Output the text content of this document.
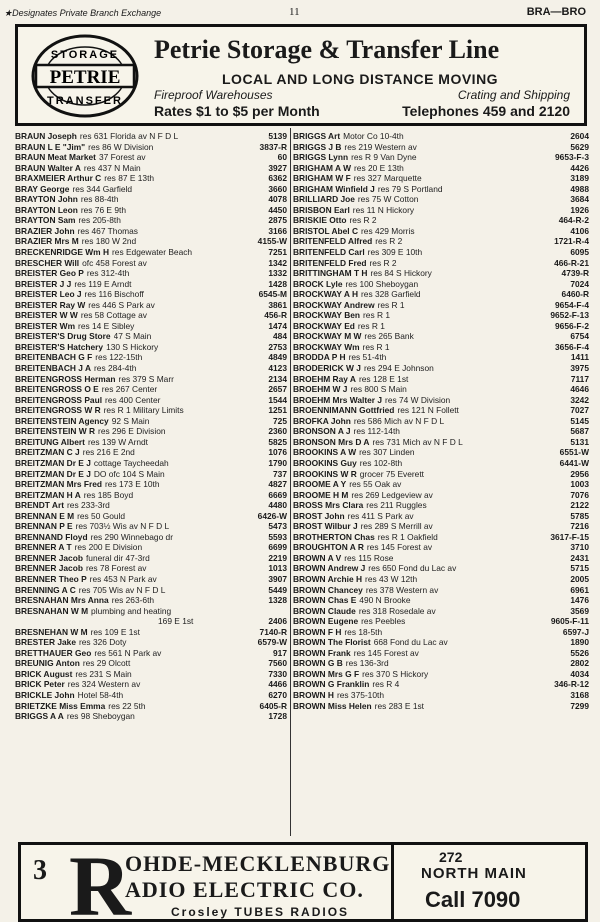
★Designates Private Branch Exchange	11	BRA—BRO
PETRIE
STORAGE
TRANSFER
Petrie Storage & Transfer Line
LOCAL AND LONG DISTANCE MOVING
Fireproof Warehouses	Crating and Shipping
Rates $1 to $5 per Month	Telephones 459 and 2120
BRAUN Joseph res 631 Florida av N F D L	5139
BRAUN L E "Jim" res 86 W Division	3837-R
BRAUN Meat Market 37 Forest av	60
BRAUN Walter A res 437 N Main	3927
BRAXMEIER Arthur C res 87 E 13th	6362
BRAY George res 344 Garfield	3660
BRAYTON John res 88-4th	4078
BRAYTON Leon res 76 E 9th	4450
BRAYTON Sam res 205-8th	2875
BRAZIER John res 467 Thomas	3166
BRAZIER Mrs M res 180 W 2nd	4155-W
BRECKENRIDGE Wm H res Edgewater Beach	7251
BRESCHER Will ofc 458 Forest av	1342
BREISTER Geo P res 312-4th	1332
BREISTER J J res 119 E Arndt	1428
BREISTER Leo J res 116 Bischoff	6545-M
BREISTER Ray W res 446 S Park av	3861
BREISTER W W res 58 Cottage av	456-R
BREISTER Wm res 14 E Sibley	1474
BREISTER'S Drug Store 47 S Main	484
BREISTER'S Hatchery 130 S Hickory	2753
BREITENBACH G F res 122-15th	4849
BREITENBACH J A res 284-4th	4123
BREITENGROSS Herman res 379 S Marr	2134
BREITENGROSS O E res 267 Center	2657
BREITENGROSS Paul res 400 Center	1544
BREITENGROSS W R res R 1 Military Limits	1251
BREITENSTEIN Agency 92 S Main	725
BREITENSTEIN W R res 296 E Division	2360
BREITUNG Albert res 139 W Arndt	5825
BREITZMAN C J res 216 E 2nd	1076
BREITZMAN Dr E J cottage Taycheedah	1790
BREITZMAN Dr E J DO ofc 104 S Main	737
BREITZMAN Mrs Fred res 173 E 10th	4827
BREITZMAN H A res 185 Boyd	6669
BRENDT Art res 233-3rd	4480
BRENNAN E M res 50 Gould	6426-W
BRENNAN P E res 703½ Wis av N F D L	5473
BRENNAND Floyd res 290 Winnebago dr	5593
BRENNER A T res 200 E Division	6699
BRENNER Jacob funeral dir 47-3rd	2219
BRENNER Jacob res 78 Forest av	1013
BRENNER Theo P res 453 N Park av	3907
BRENNING A C res 705 Wis av N F D L	5449
BRESNAHAN Mrs Anna res 263-6th	1328
BRESNAHAN W M plumbing and heating
169 E 1st	2406
BRESNEHAN W M res 109 E 1st	7140-R
BRESTER Jake res 326 Doty	6579-W
BRETTHAUER Geo res 561 N Park av	917
BREUNIG Anton res 29 Olcott	7560
BRICK August res 231 S Main	7330
BRICK Peter res 324 Western av	4466
BRICKLE John Hotel 58-4th	6270
BRIETZKE Miss Emma res 22 5th	6405-R
BRIGGS A A res 98 Sheboygan	1728
BRIGGS Art Motor Co 10-4th	2604
BRIGGS J B res 219 Western av	5629
BRIGGS Lynn res R 9 Van Dyne	9653-F-3
BRIGHAM A W res 20 E 13th	4426
BRIGHAM W F res 327 Marquette	3189
BRIGHAM Winfield J res 79 S Portland	4988
BRILLIARD Joe res 75 W Cotton	3684
BRISBON Earl res 11 N Hickory	1926
BRISKIE Otto res R 2	464-R-2
BRISTOL Abel C res 429 Morris	4106
BRITENFELD Alfred res R 2	1721-R-4
BRITENFELD Carl res 309 E 10th	6095
BRITENFELD Fred res R 2	466-R-21
BRITTINGHAM T H res 84 S Hickory	4739-R
BROCK Lyle res 100 Sheboygan	7024
BROCKWAY A H res 328 Garfield	6460-R
BROCKWAY Andrew res R 1	9654-F-4
BROCKWAY Ben res R 1	9652-F-13
BROCKWAY Ed res R 1	9656-F-2
BROCKWAY M W res 265 Bank	6754
BROCKWAY Wm res R 1	3656-F-4
BRODDA P H res 51-4th	1411
BRODERICK W J res 294 E Johnson	3975
BROEHM Ray A res 128 E 1st	7117
BROEHM W J res 800 S Main	4646
BROEHM Mrs Walter J res 74 W Division	3242
BROENNIMANN Gottfried res 121 N Follett	7027
BROFKA John res 586 Mich av N F D L	5145
BRONSON A J res 112-14th	5687
BRONSON Mrs D A res 731 Mich av N F D L	5131
BROOKINS A W res 307 Linden	6551-W
BROOKINS Guy res 102-8th	6441-W
BROOKINS W R grocer 75 Everett	2956
BROOME A Y res 55 Oak av	1003
BROOME H M res 269 Ledgeview av	7076
BROSS Mrs Clara res 211 Ruggles	2122
BROST John res 411 S Park av	5785
BROST Wilbur J res 289 S Merrill av	7216
BROTHERTON Chas res R 1 Oakfield	3617-F-15
BROUGHTON A R res 145 Forest av	3710
BROWN A V res 115 Rose	2431
BROWN Andrew J res 650 Fond du Lac av	5715
BROWN Archie H res 43 W 12th	2005
BROWN Chancey res 378 Western av	6961
BROWN Chas E 490 N Brooke	1476
BROWN Claude res 318 Rosedale av	3569
BROWN Eugene res Peebles	9605-F-11
BROWN F H res 18-5th	6597-J
BROWN The Florist 668 Fond du Lac av	1890
BROWN Frank res 145 Forest av	5526
BROWN G B res 136-3rd	2802
BROWN Mrs G F res 370 S Hickory	4034
BROWN G Franklin res R 4	346-R-12
BROWN H res 375-10th	3168
BROWN Miss Helen res 283 E 1st	7299
3 R
OHDE-MECKLENBURG
ADIO ELECTRIC CO.
Crosley TUBES RADIOS
272
NORTH MAIN
Call 7090
